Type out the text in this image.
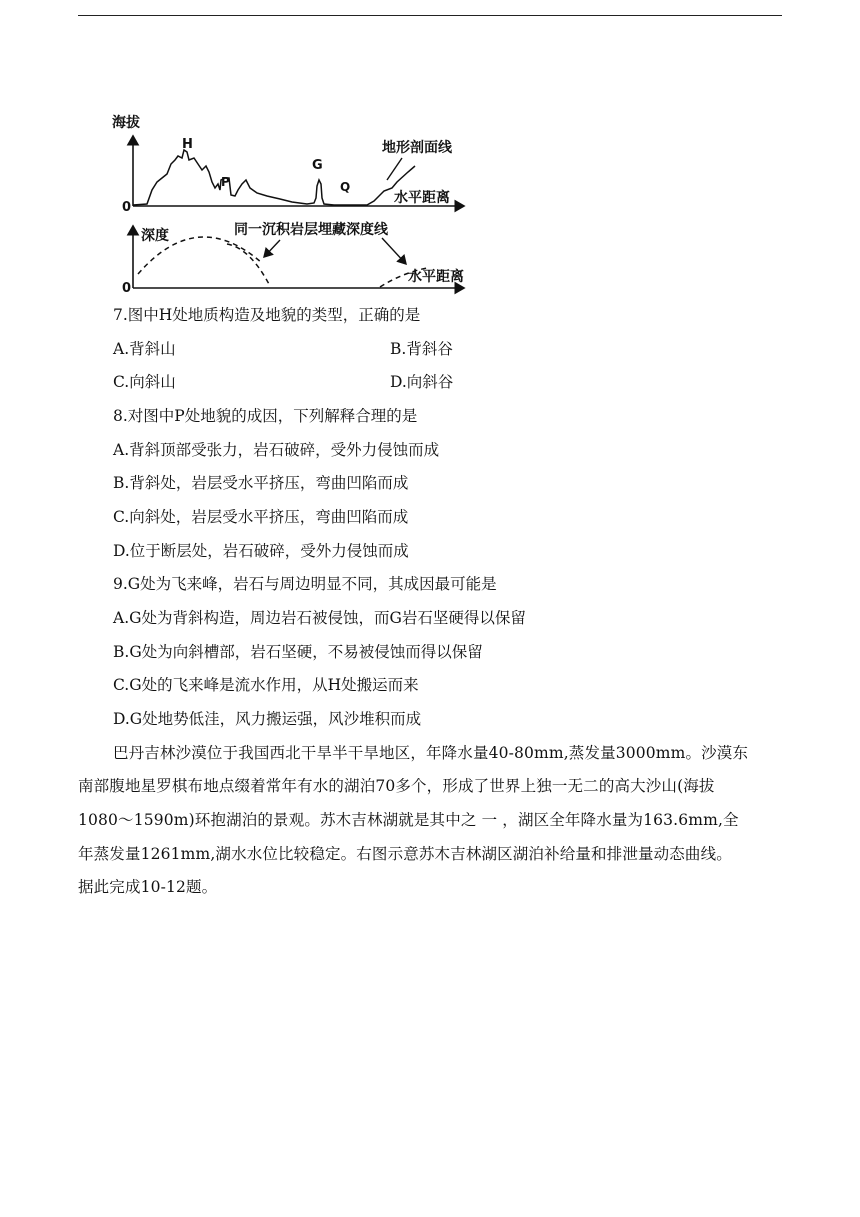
H
P
G
Q
海拔
0
地形剖面线
水平距离
深度
0
同一沉积岩层埋藏深度线
水平距离
7.图中H处地质构造及地貌的类型，正确的是
A.背斜山	B.背斜谷
C.向斜山	D.向斜谷
8.对图中P处地貌的成因，下列解释合理的是
A.背斜顶部受张力，岩石破碎，受外力侵蚀而成
B.背斜处，岩层受水平挤压，弯曲凹陷而成
C.向斜处，岩层受水平挤压，弯曲凹陷而成
D.位于断层处，岩石破碎，受外力侵蚀而成
9.G处为飞来峰，岩石与周边明显不同，其成因最可能是
A.G处为背斜构造，周边岩石被侵蚀，而G岩石坚硬得以保留
B.G处为向斜槽部，岩石坚硬，不易被侵蚀而得以保留
C.G处的飞来峰是流水作用，从H处搬运而来
D.G处地势低洼，风力搬运强，风沙堆积而成
巴丹吉林沙漠位于我国西北干旱半干旱地区，年降水量40-80mm,蒸发量3000mm。沙漠东
南部腹地星罗棋布地点缀着常年有水的湖泊70多个，形成了世界上独一无二的高大沙山(海拔
1080～1590m)环抱湖泊的景观。苏木吉林湖就是其中之 一 ，湖区全年降水量为163.6mm,全
年蒸发量1261mm,湖水水位比较稳定。右图示意苏木吉林湖区湖泊补给量和排泄量动态曲线。
据此完成10-12题。
